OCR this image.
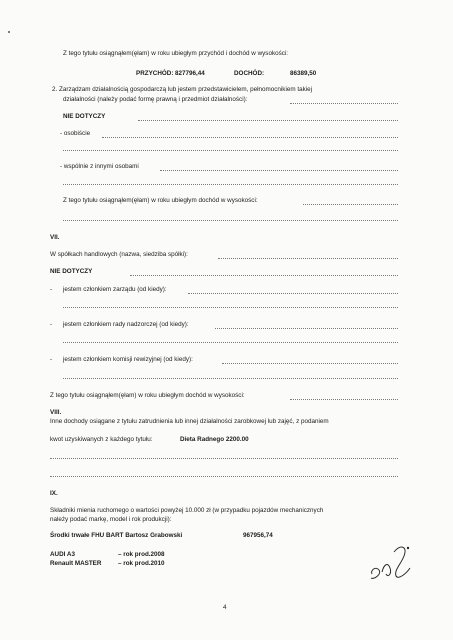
Z tego tytułu osiągnąłem(ęłam) w roku ubiegłym przychód i dochód w wysokości:
PRZYCHÓD: 827796,44	DOCHÓD:	86389,50
2. Zarządzam działalnością gospodarczą lub jestem przedstawicielem, pełnomocnikiem takiej
działalności (należy podać formę prawną i przedmiot działalności):
NIE DOTYCZY
- osobiście
- wspólnie z innymi osobami
Z tego tytułu osiągnąłem(ęłam) w roku ubiegłym dochód w wysokości:
VII.
W spółkach handlowych (nazwa, siedziba spółki):
NIE DOTYCZY
- jestem członkiem zarządu (od kiedy):
- jestem członkiem rady nadzorczej (od kiedy):
- jestem członkiem komisji rewizyjnej (od kiedy):
Z tego tytułu osiągnąłem(ęłam) w roku ubiegłym dochód w wysokości:
VIII.
Inne dochody osiągane z tytułu zatrudnienia lub innej działalności zarobkowej lub zajęć, z podaniem
kwot uzyskiwanych z każdego tytułu:	Dieta Radnego 2200.00
IX.
Składniki mienia ruchomego o wartości powyżej 10.000 zł (w przypadku pojazdów mechanicznych
należy podać markę, model i rok produkcji):
Środki trwałe FHU BART Bartosz Grabowski	967956,74
AUDI A3	– rok prod.2008
Renault MASTER	– rok prod.2010
4
